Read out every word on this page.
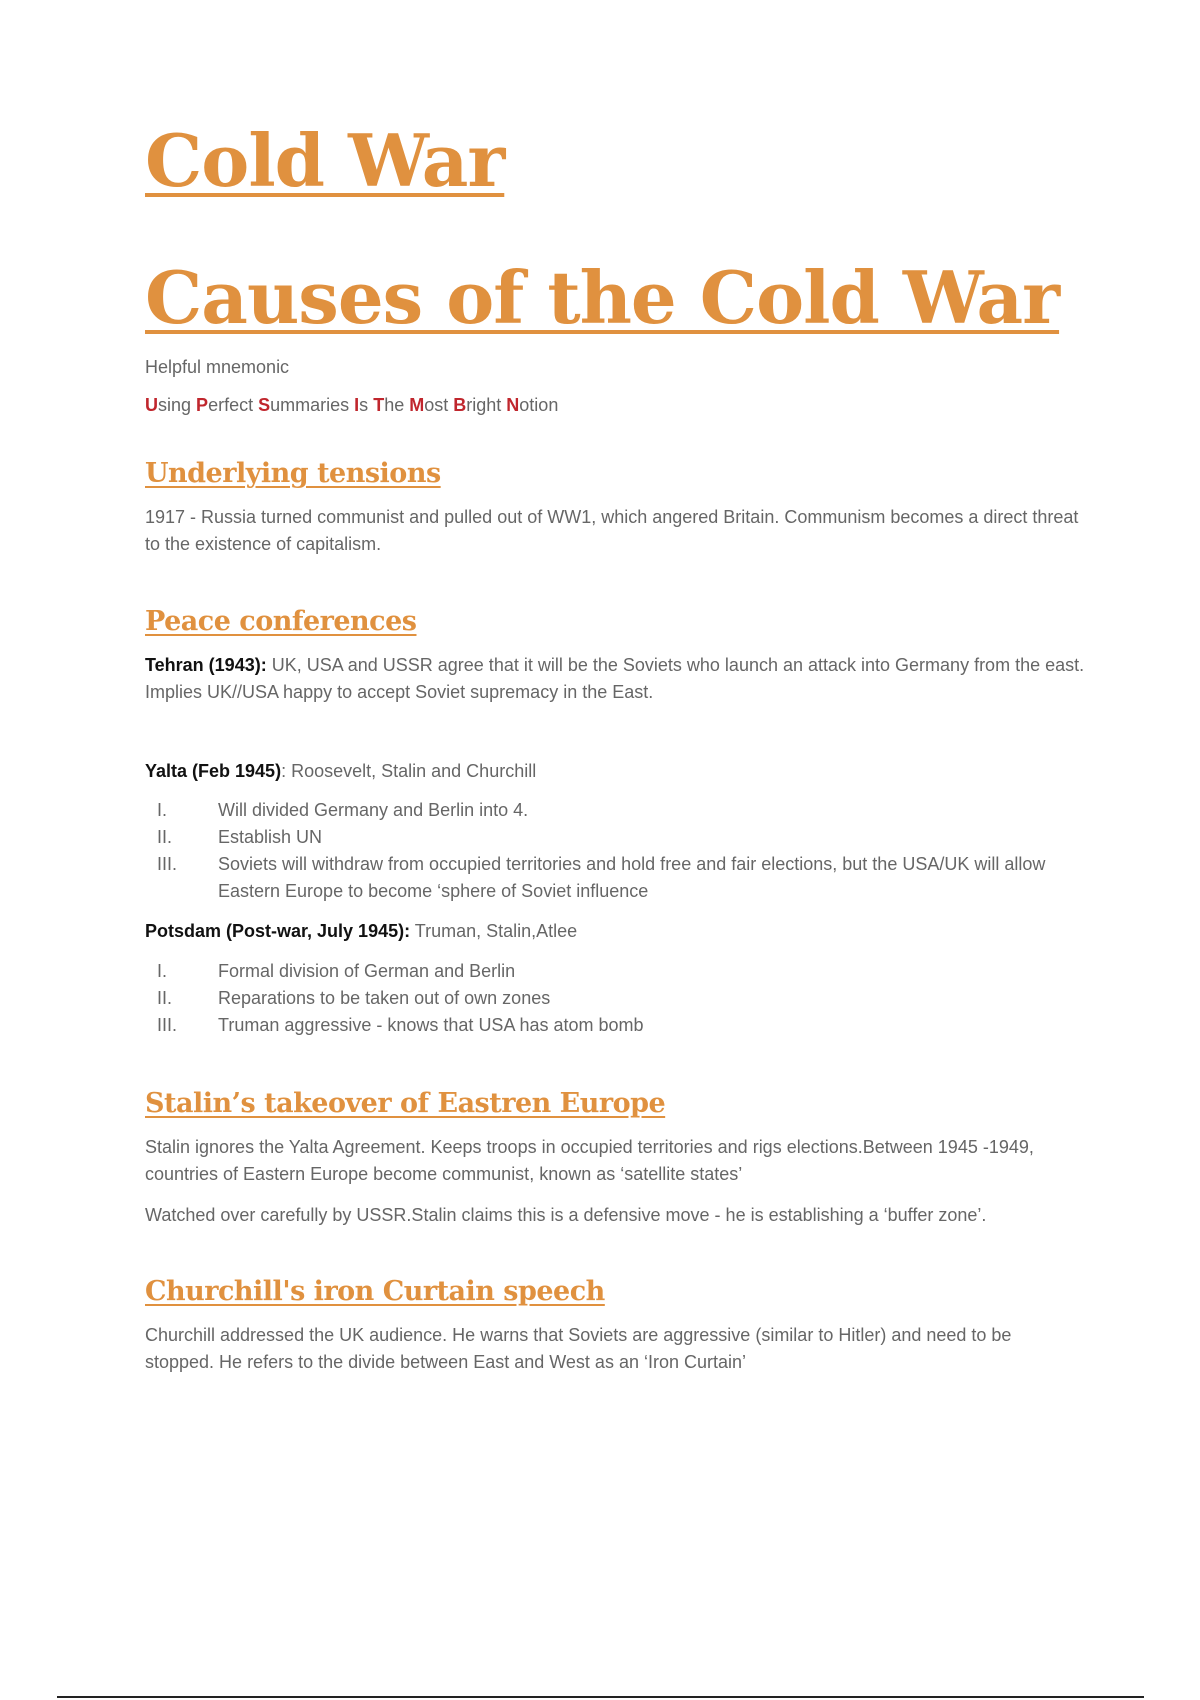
Cold War
Causes of the Cold War

Helpful mnemonic

Using Perfect Summaries Is The Most Bright Notion

Underlying tensions

1917 - Russia turned communist and pulled out of WW1, which angered Britain. Communism becomes a direct threat to the existence of capitalism.

Peace conferences

Tehran (1943): UK, USA and USSR agree that it will be the Soviets who launch an attack into Germany from the east. Implies UK//USA happy to accept Soviet supremacy in the East.

Yalta (Feb 1945): Roosevelt, Stalin and Churchill

I.	Will divided Germany and Berlin into 4.
II.	Establish UN
III.	Soviets will withdraw from occupied territories and hold free and fair elections, but the USA/UK will allow Eastern Europe to become ‘sphere of Soviet influence

Potsdam (Post-war, July 1945): Truman, Stalin,Atlee

I.	Formal division of German and Berlin
II.	Reparations to be taken out of own zones
III.	Truman aggressive - knows that USA has atom bomb
Stalin’s takeover of Eastren Europe

Stalin ignores the Yalta Agreement. Keeps troops in occupied territories and rigs elections.Between 1945 -1949, countries of Eastern Europe become communist, known as ‘satellite states’

Watched over carefully by USSR.Stalin claims this is a defensive move - he is establishing a ‘buffer zone’.

Churchill's iron Curtain speech

Churchill addressed the UK audience. He warns that Soviets are aggressive (similar to Hitler) and need to be stopped. He refers to the divide between East and West as an ‘Iron Curtain’
